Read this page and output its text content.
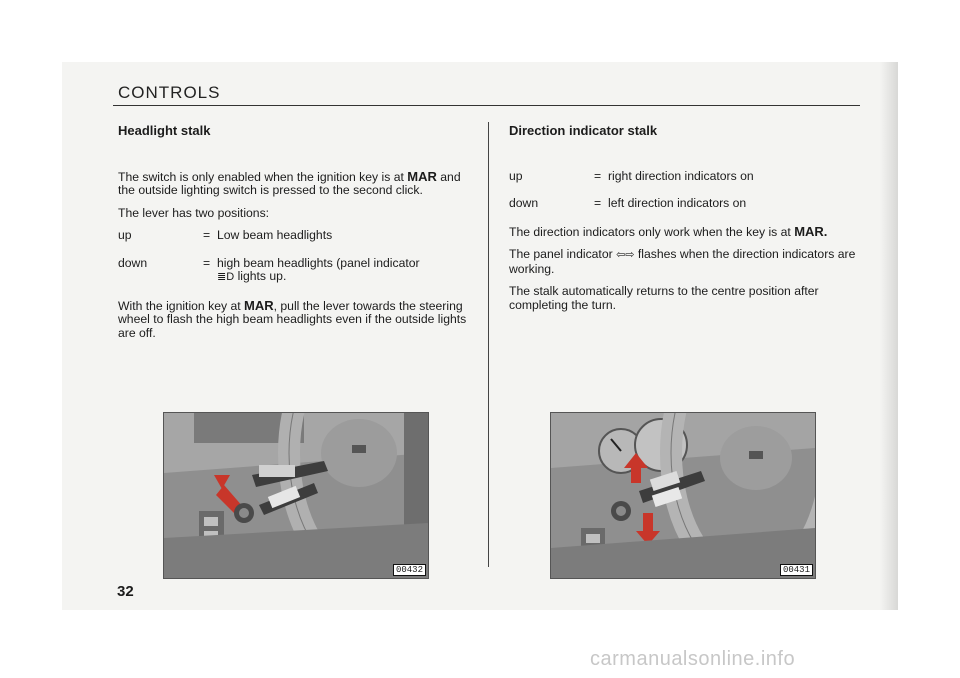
CONTROLS
Headlight stalk

The switch is only enabled when the ignition key is at MAR and the outside lighting switch is pressed to the second click.

The lever has two positions:

up	= Low beam headlights
down	= high beam headlights (panel indicator
≣D lights up.

With the ignition key at MAR, pull the lever towards the steering wheel to flash the high beam headlights even if the outside lights are off.

Direction indicator stalk
up	= right direction indicators on
down	= left direction indicators on

The direction indicators only work when the key is at MAR.

The panel indicator ⇦⇨ flashes when the direction indicators are working.

The stalk automatically returns to the centre position after completing the turn.

00432	00431
32
carmanualsonline.info
